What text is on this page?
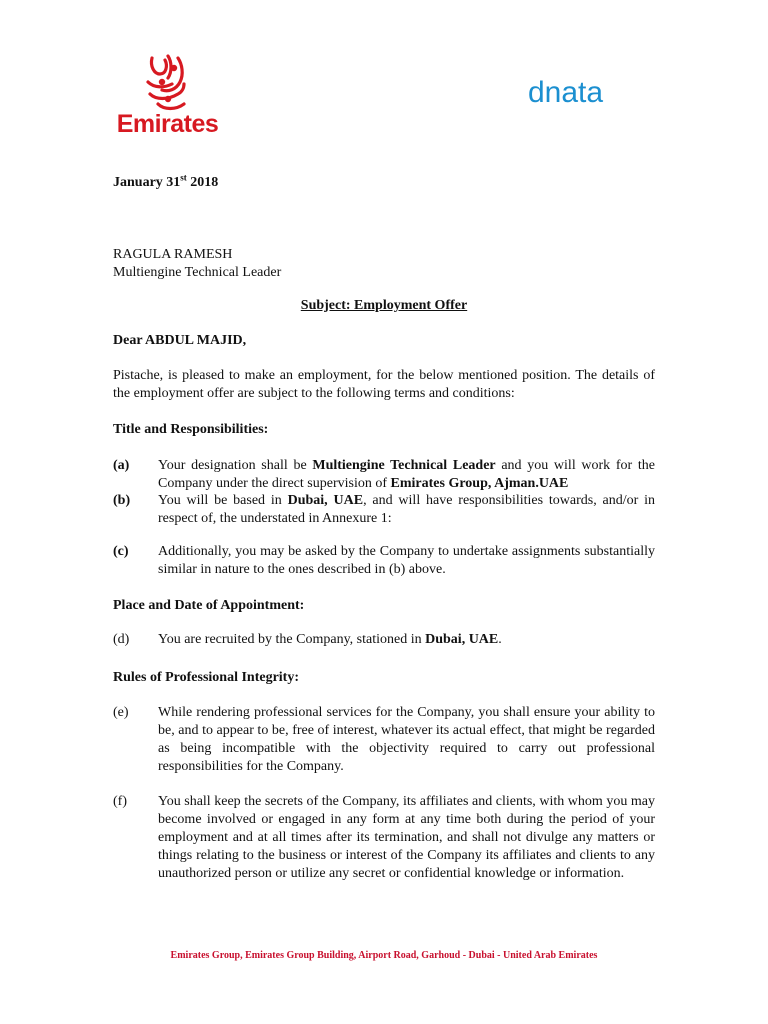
Emirates
dnata
January 31st 2018
RAGULA RAMESH
Multiengine Technical Leader
Subject: Employment Offer
Dear ABDUL MAJID,
Pistache, is pleased to make an employment, for the below mentioned position. The details of the employment offer are subject to the following terms and conditions:
Title and Responsibilities:
(a)	Your designation shall be Multiengine Technical Leader and you will work for the Company under the direct supervision of Emirates Group, Ajman.UAE
(b)	You will be based in Dubai, UAE, and will have responsibilities towards, and/or in respect of, the understated in Annexure 1:
(c)	Additionally, you may be asked by the Company to undertake assignments substantially similar in nature to the ones described in (b) above.
Place and Date of Appointment:
(d)	You are recruited by the Company, stationed in Dubai, UAE.
Rules of Professional Integrity:
(e)	While rendering professional services for the Company, you shall ensure your ability to be, and to appear to be, free of interest, whatever its actual effect, that might be regarded as being incompatible with the objectivity required to carry out professional responsibilities for the Company.
(f)	You shall keep the secrets of the Company, its affiliates and clients, with whom you may become involved or engaged in any form at any time both during the period of your employment and at all times after its termination, and shall not divulge any matters or things relating to the business or interest of the Company its affiliates and clients to any unauthorized person or utilize any secret or confidential knowledge or information.
Emirates Group, Emirates Group Building, Airport Road, Garhoud - Dubai - United Arab Emirates
